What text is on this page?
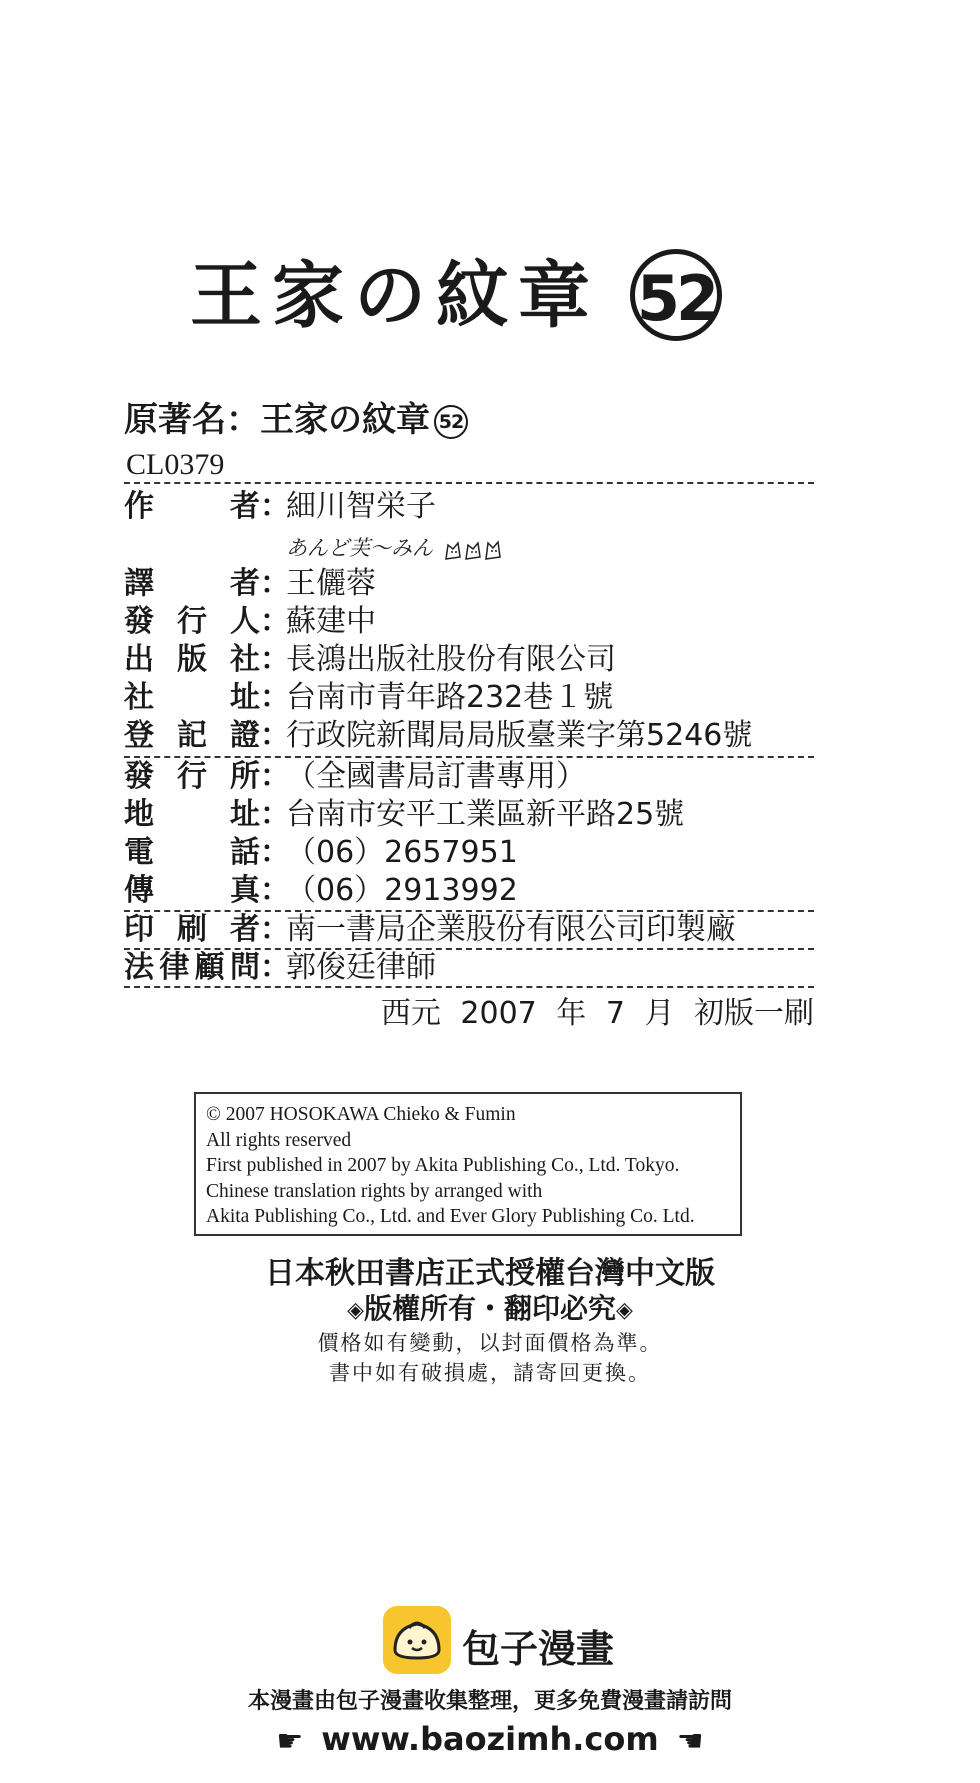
王家の紋章 52
原著名：王家の紋章 52
CL0379
作者：細川智栄子
あんど芙〜みん
譯者：王儷蓉
發行人：蘇建中
出版社：長鴻出版社股份有限公司
社址：台南市青年路232巷１號
登記證：行政院新聞局局版臺業字第5246號
發行所：（全國書局訂書專用）
地址：台南市安平工業區新平路25號
電話：（06）2657951
傳真：（06）2913992
印刷者：南一書局企業股份有限公司印製廠
法律顧問：郭俊廷律師
西元 2007 年 7 月 初版一刷
© 2007 HOSOKAWA Chieko & Fumin
All rights reserved
First published in 2007 by Akita Publishing Co., Ltd. Tokyo.
Chinese translation rights by arranged with
Akita Publishing Co., Ltd. and Ever Glory Publishing Co. Ltd.
日本秋田書店正式授權台灣中文版
◈版權所有・翻印必究◈
價格如有變動，以封面價格為準。
書中如有破損處，請寄回更換。
包子漫畫
本漫畫由包子漫畫收集整理，更多免費漫畫請訪問
☛ www.baozimh.com ☚
